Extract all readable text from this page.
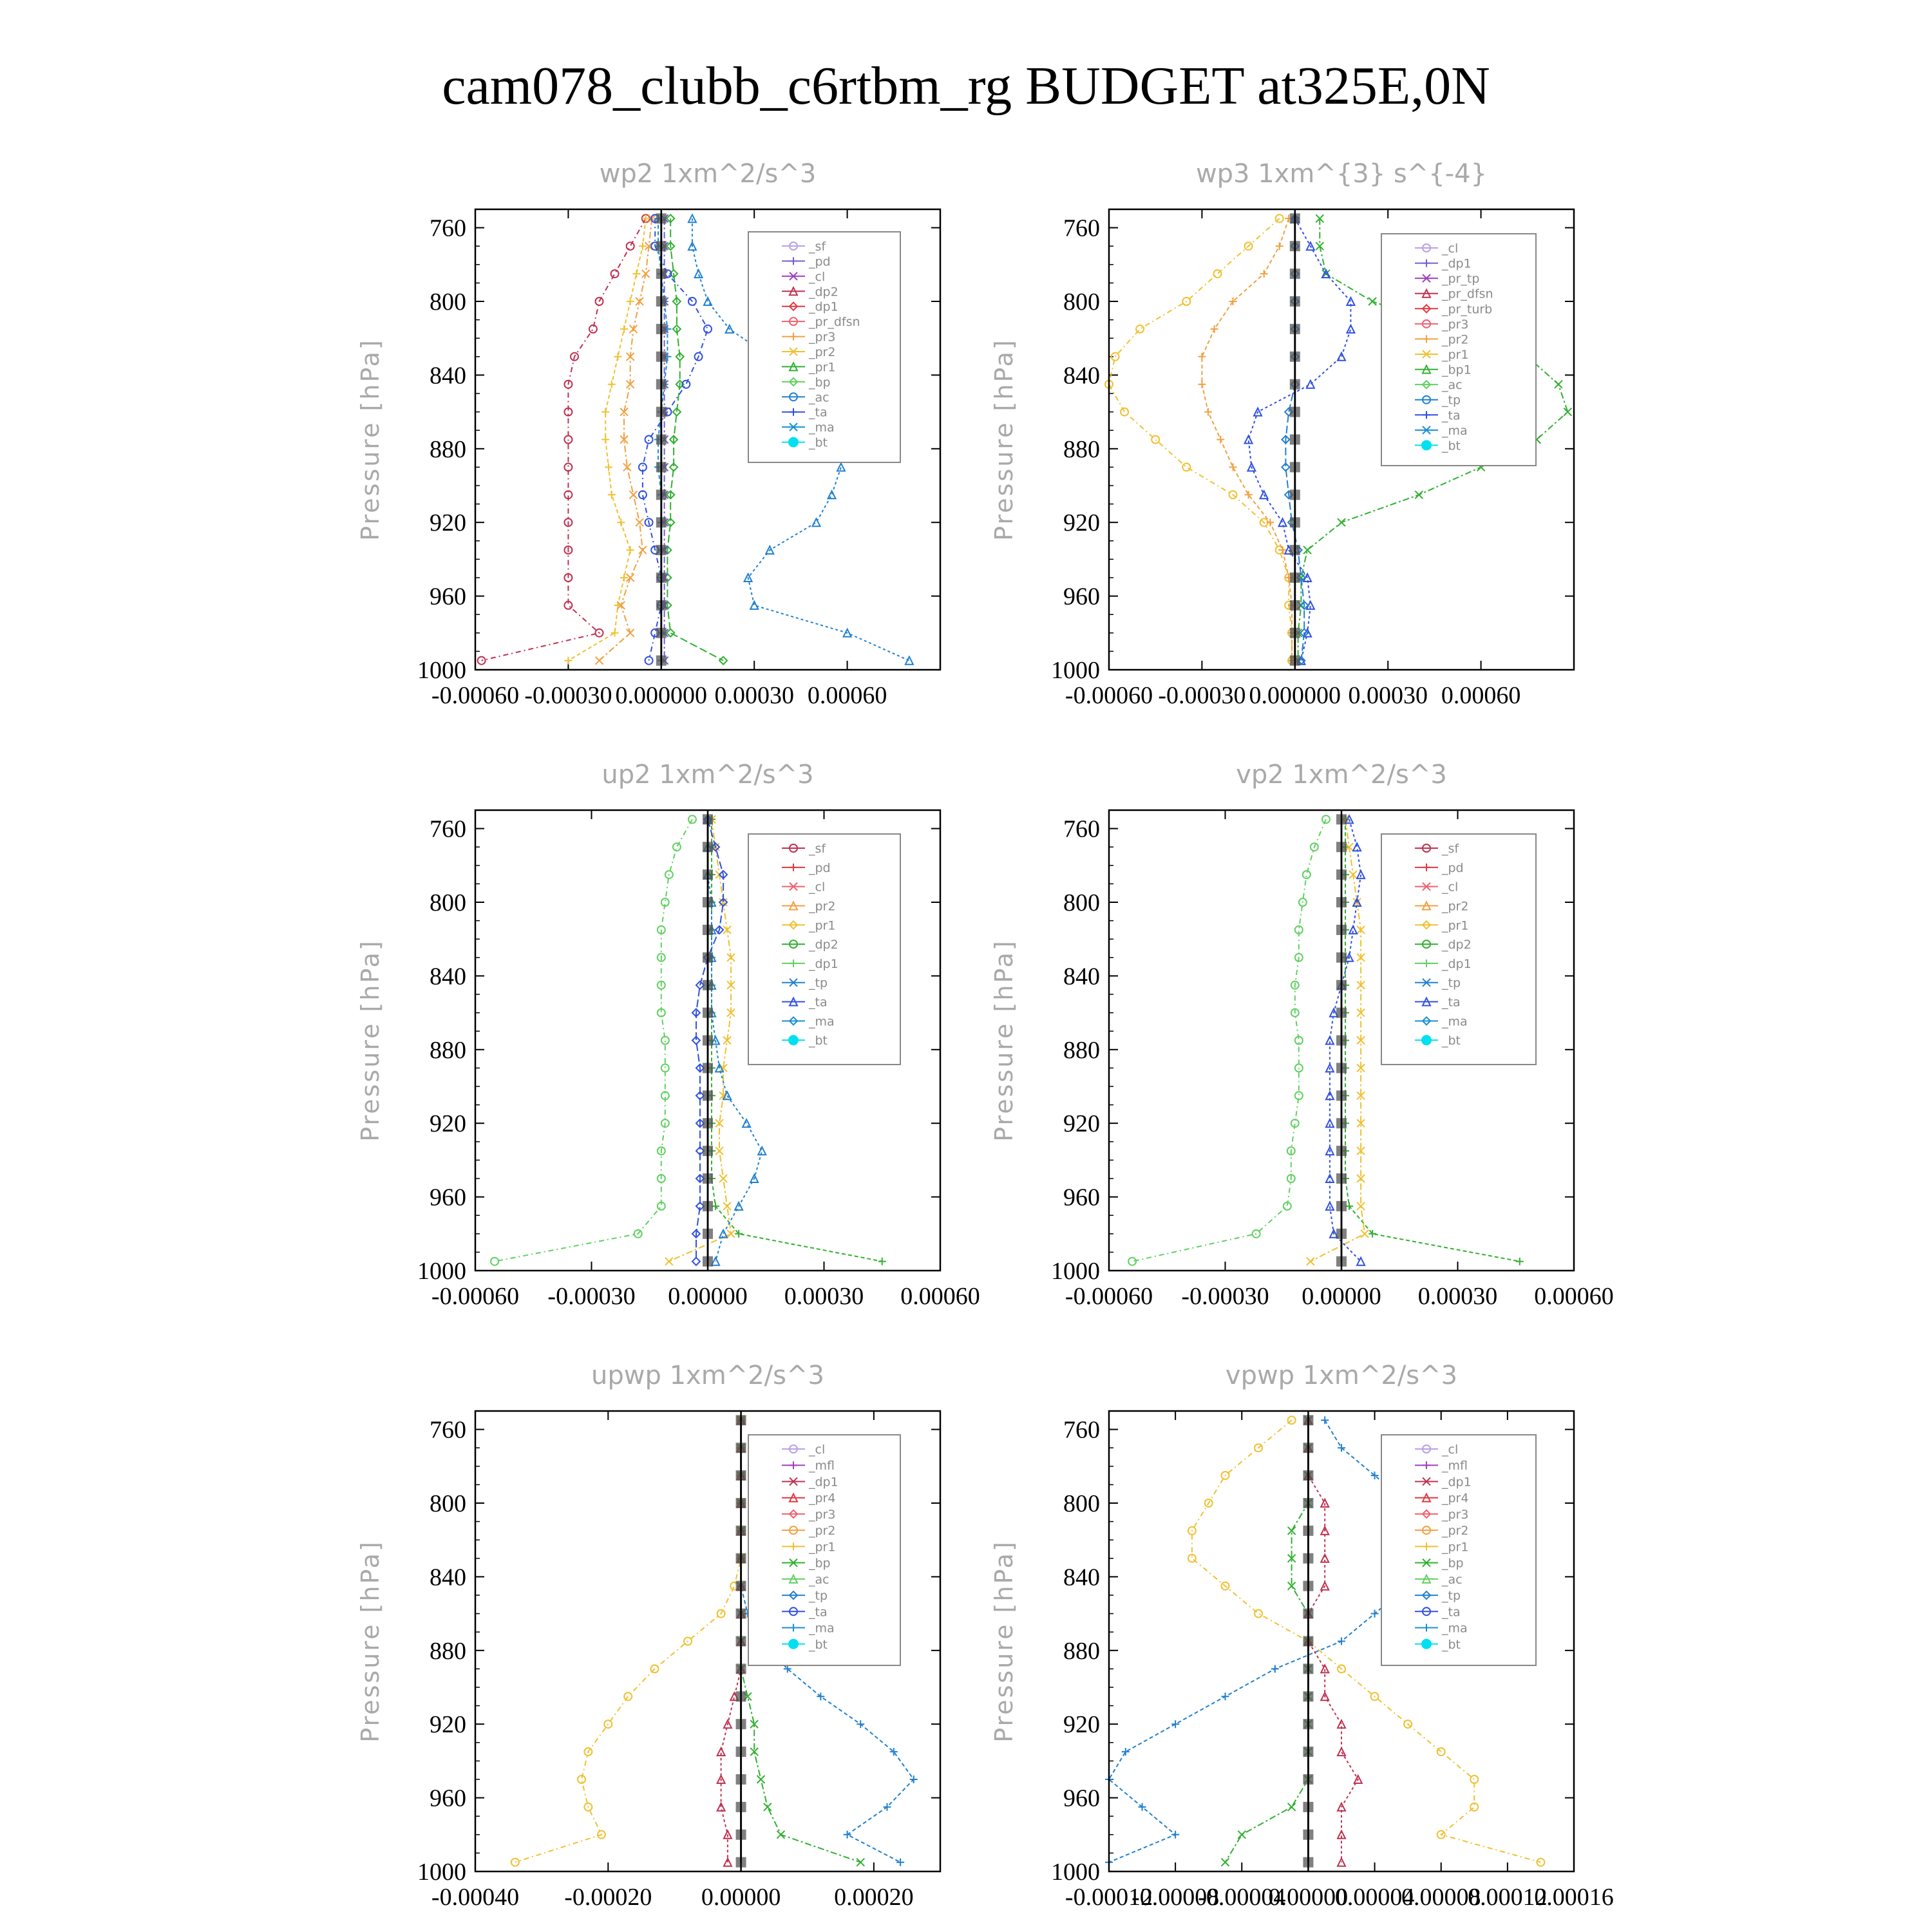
cam078_clubb_c6rtbm_rg BUDGET at325E,0N
wp2 1xm^2/s^3
Pressure [hPa]
760
800
840
880
920
960
1000
-0.00060 -0.00030 0.000000 0.00030 0.00060
_sf
_pd
_cl
_dp2
_dp1
_pr_dfsn
_pr3
_pr2
_pr1
_bp
_ac
_ta
_ma
_bt
wp3 1xm^{3} s^{-4}
Pressure [hPa]
760
800
840
880
920
960
1000
-0.00060 -0.00030 0.000000 0.00030 0.00060
_cl
_dp1
_pr_tp
_pr_dfsn
_pr_turb
_pr3
_pr2
_pr1
_bp1
_ac
_tp
_ta
_ma
_bt
up2 1xm^2/s^3
Pressure [hPa]
760
800
840
880
920
960
1000
-0.00060 -0.00030 0.00000 0.00030 0.00060
_sf
_pd
_cl
_pr2
_pr1
_dp2
_dp1
_tp
_ta
_ma
_bt
vp2 1xm^2/s^3
Pressure [hPa]
760
800
840
880
920
960
1000
-0.00060 -0.00030 0.00000 0.00030 0.00060
_sf
_pd
_cl
_pr2
_pr1
_dp2
_dp1
_tp
_ta
_ma
_bt
upwp 1xm^2/s^3
Pressure [hPa]
760
800
840
880
920
960
1000
-0.00040 -0.00020 0.00000 0.00020
_cl
_mfl
_dp1
_pr4
_pr3
_pr2
_pr1
_bp
_ac
_tp
_ta
_ma
_bt
vpwp 1xm^2/s^3
Pressure [hPa]
760
800
840
880
920
960
1000
-0.00012
-0.00008
-0.00004
0.00000
0.00004
0.00008
0.00012
0.00016
_cl
_mfl
_dp1
_pr4
_pr3
_pr2
_pr1
_bp
_ac
_tp
_ta
_ma
_bt
